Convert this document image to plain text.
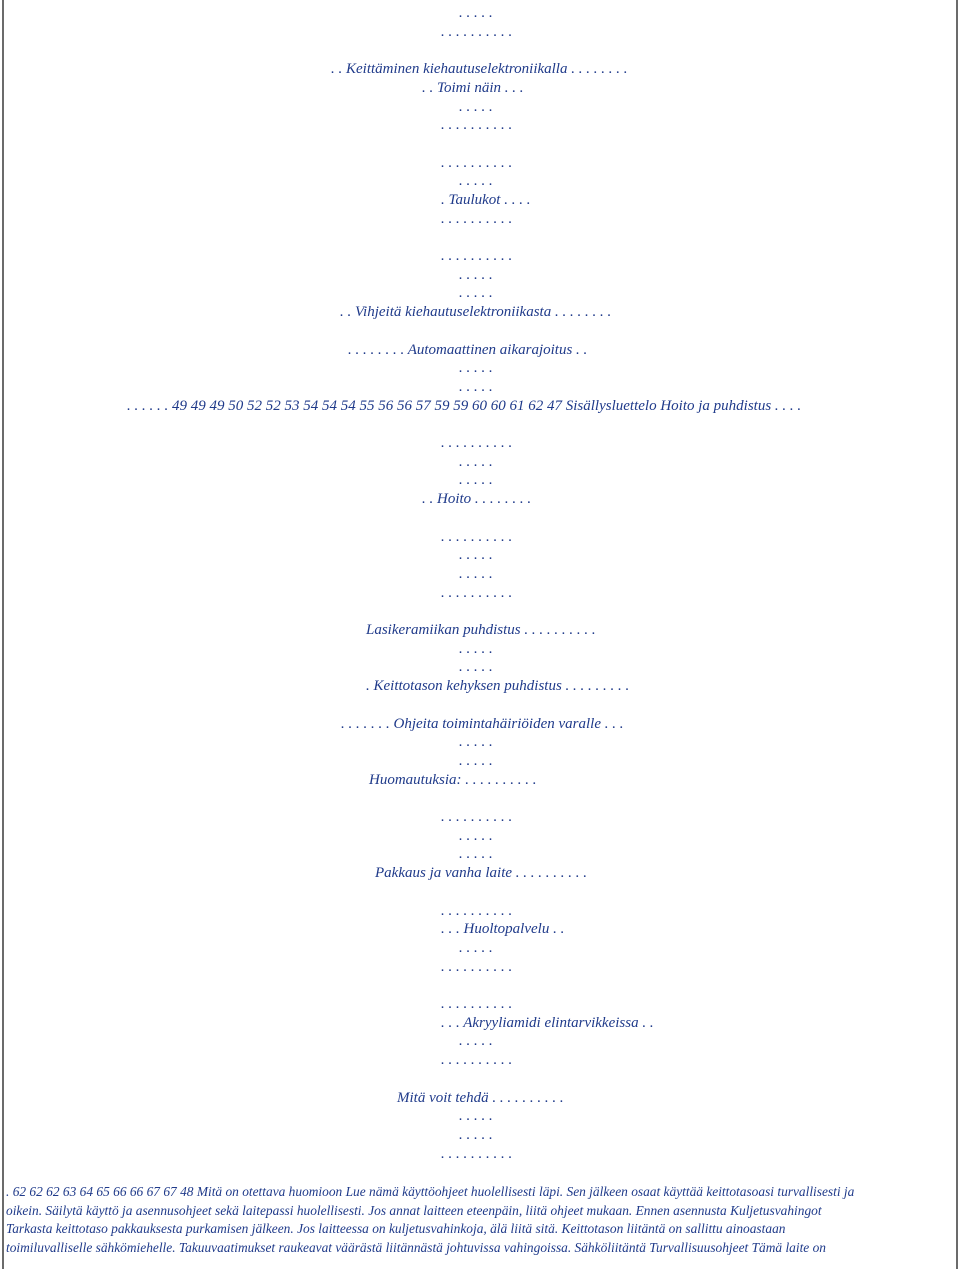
. . . . .
. . . . . . . . . .
. . Keittäminen kiehautuselektroniikalla . . . . . . . .
. . Toimi näin . . .
. . . . .
. . . . . . . . . .
. . . . . . . . . .
. . . . .
. Taulukot . . . .
. . . . . . . . . .
. . . . . . . . . .
. . . . .
. . . . .
. . Vihjeitä kiehautuselektroniikasta . . . . . . . .
. . . . . . . . Automaattinen aikarajoitus . .
. . . . .
. . . . .
. . . . . . 49 49 49 50 52 52 53 54 54 54 55 56 56 57 59 59 60 60 61 62 47 Sisällysluettelo Hoito ja puhdistus . . . .
. . . . . . . . . .
. . . . .
. . . . .
. . Hoito . . . . . . . .
. . . . . . . . . .
. . . . .
. . . . .
. . . . . . . . . .
Lasikeramiikan puhdistus . . . . . . . . . .
. . . . .
. . . . .
. Keittotason kehyksen puhdistus . . . . . . . . .
. . . . . . . Ohjeita toimintahäiriöiden varalle . . .
. . . . .
. . . . .
Huomautuksia: . . . . . . . . . .
. . . . . . . . . .
. . . . .
. . . . .
Pakkaus ja vanha laite . . . . . . . . . .
. . . . . . . . . .
. . . Huoltopalvelu . .
. . . . .
. . . . . . . . . .
. . . . . . . . . .
. . . Akryyliamidi elintarvikkeissa . .
. . . . .
. . . . . . . . . .
Mitä voit tehdä . . . . . . . . . .
. . . . .
. . . . .
. . . . . . . . . .
. 62 62 62 63 64 65 66 66 67 67 48 Mitä on otettava huomioon Lue nämä käyttöohjeet huolellisesti läpi. Sen jälkeen osaat käyttää keittotasoasi turvallisesti ja
oikein. Säilytä käyttö ja asennusohjeet sekä laitepassi huolellisesti. Jos annat laitteen eteenpäin, liitä ohjeet mukaan. Ennen asennusta Kuljetusvahingot
Tarkasta keittotaso pakkauksesta purkamisen jälkeen. Jos laitteessa on kuljetusvahinkoja, älä liitä sitä. Keittotason liitäntä on sallittu ainoastaan
toimiluvalliselle sähkömiehelle. Takuuvaatimukset raukeavat väärästä liitännästä johtuvissa vahingoissa. Sähköliitäntä Turvallisuusohjeet Tämä laite on
